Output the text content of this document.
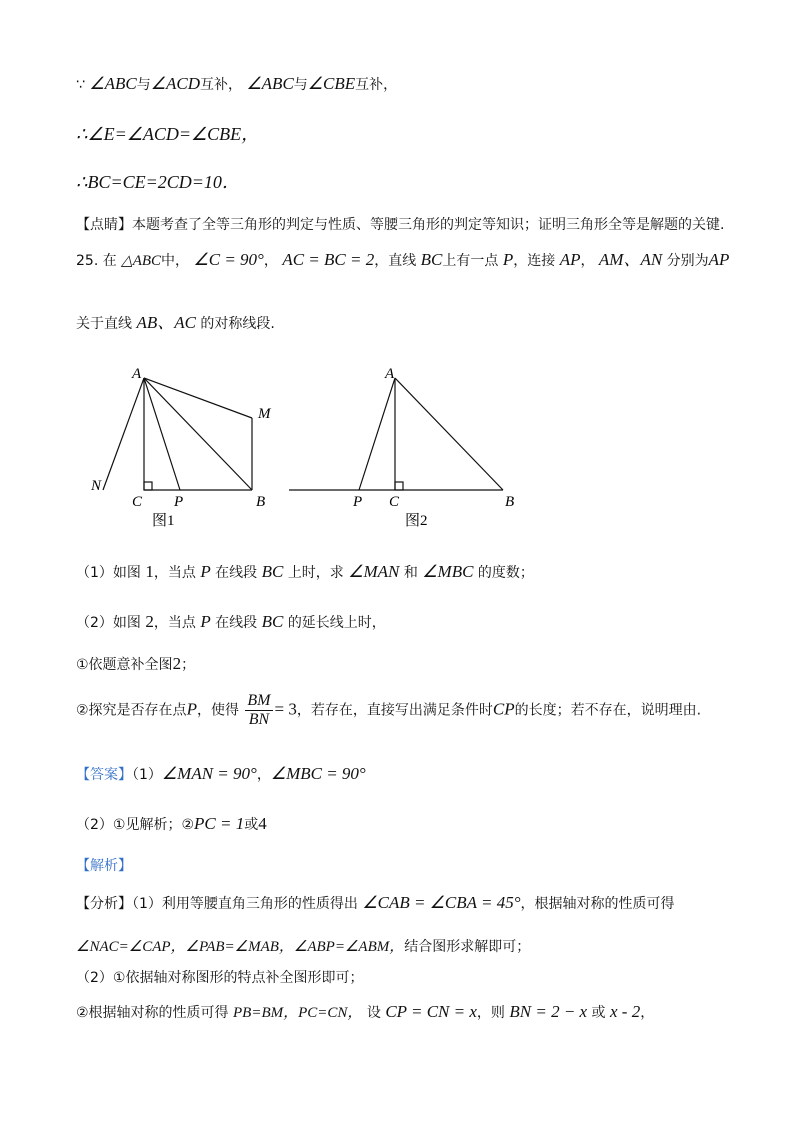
∵ ∠ABC与∠ACD互补， ∠ABC与∠CBE互补，
∴∠E=∠ACD=∠CBE，
∴BC=CE=2CD=10．
【点睛】本题考查了全等三角形的判定与性质、等腰三角形的判定等知识；证明三角形全等是解题的关键.
25. 在 △ABC中， ∠C = 90°， AC = BC = 2，直线 BC上有一点 P，连接 AP， AM、AN 分别为AP
关于直线 AB、AC 的对称线段.
A
M
N
C P	B
图1
A
P C	B
图2
（1）如图 1，当点 P 在线段 BC 上时，求 ∠MAN 和 ∠MBC 的度数；
（2）如图 2，当点 P 在线段 BC 的延长线上时，
①依题意补全图2；
②探究是否存在点P，使得 $\frac{BM}{BN} = 3$，若存在，直接写出满足条件时CP的长度；若不存在，说明理由.
【答案】（1）∠MAN = 90°，∠MBC = 90°
（2）①见解析；②PC = 1或4
【解析】
【分析】（1）利用等腰直角三角形的性质得出 ∠CAB = ∠CBA = 45°，根据轴对称的性质可得
∠NAC=∠CAP，∠PAB=∠MAB，∠ABP=∠ABM，结合图形求解即可；
（2）①依据轴对称图形的特点补全图形即可；
②根据轴对称的性质可得 PB=BM，PC=CN， 设 CP = CN = x，则 BN = 2 − x 或 x - 2，
